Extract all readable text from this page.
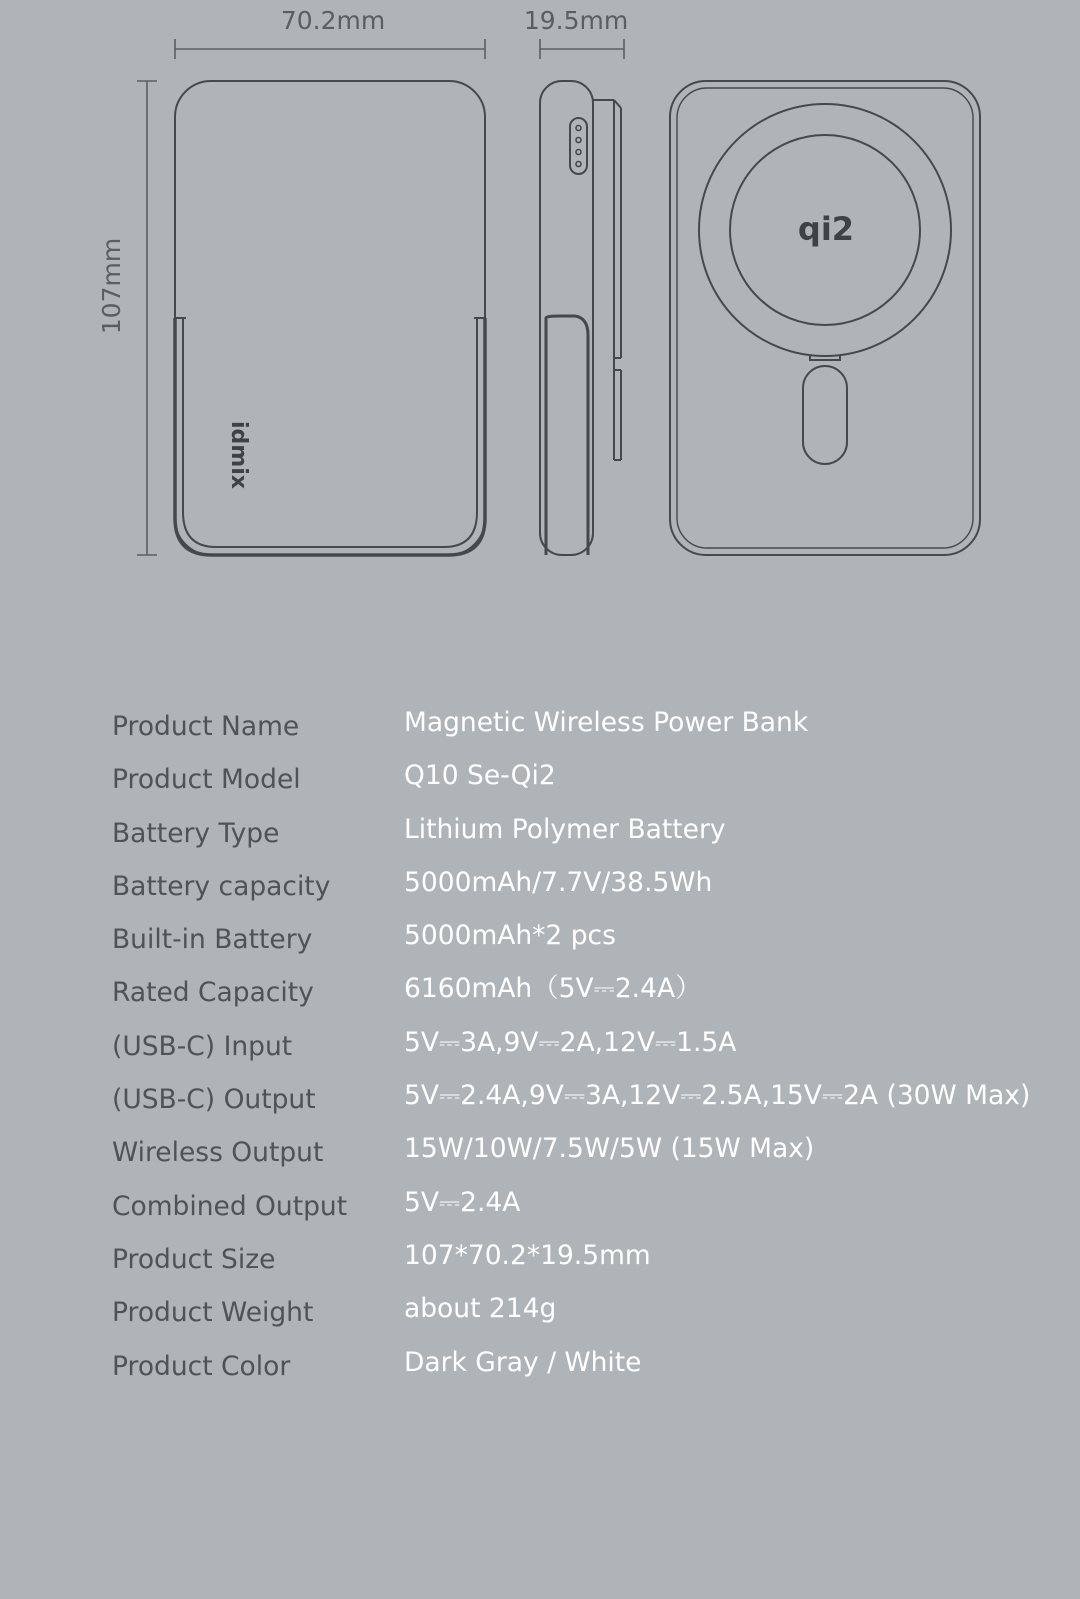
70.2mm	19.5mm
107mm
idmix
qi2
Product Name	Magnetic Wireless Power Bank
Product Model	Q10 Se-Qi2
Battery Type	Lithium Polymer Battery
Battery capacity	5000mAh/7.7V/38.5Wh
Built-in Battery	5000mAh*2 pcs
Rated Capacity	6160mAh（5V⎓2.4A）
(USB-C) Input	5V⎓3A,9V⎓2A,12V⎓1.5A
(USB-C) Output	5V⎓2.4A,9V⎓3A,12V⎓2.5A,15V⎓2A (30W Max)
Wireless Output	15W/10W/7.5W/5W (15W Max)
Combined Output 5V⎓2.4A
Product Size	107*70.2*19.5mm
Product Weight	about 214g
Product Color	Dark Gray / White
